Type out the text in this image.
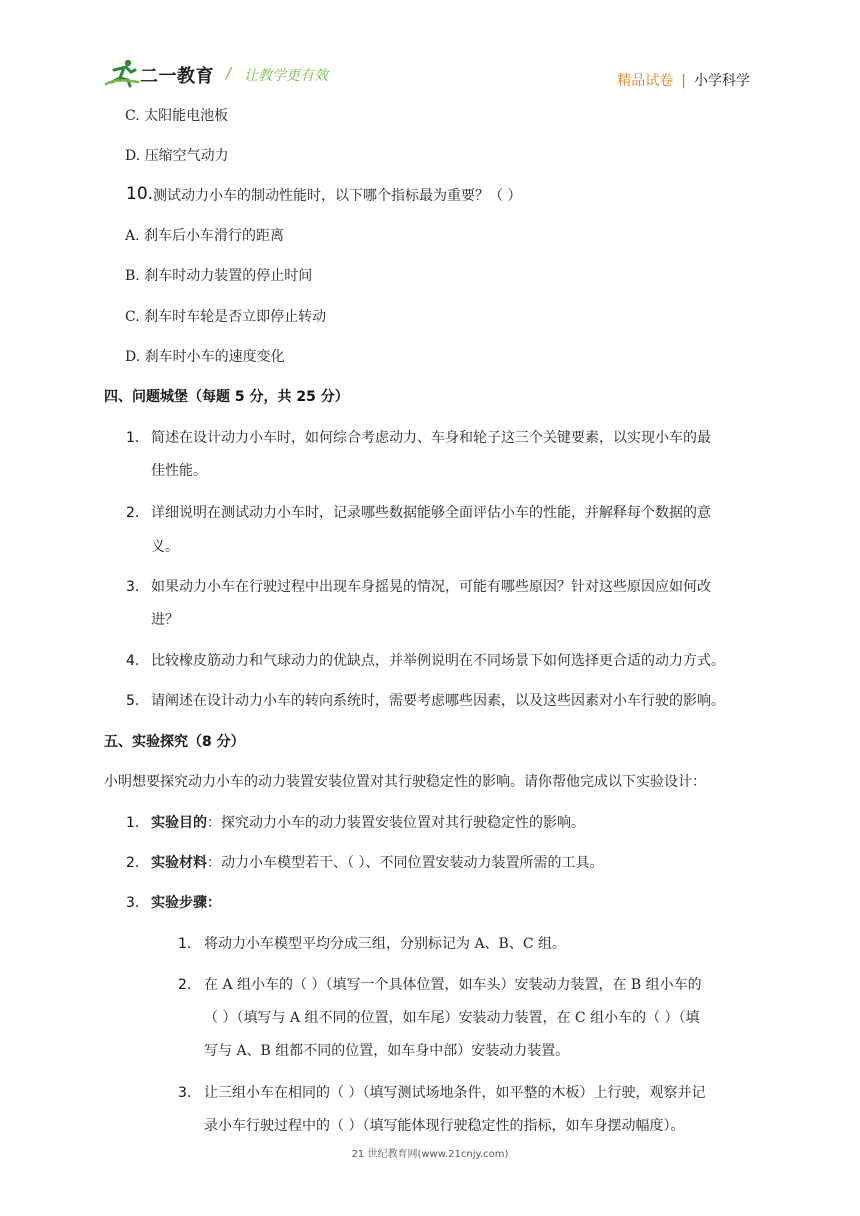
二一教育 / 让教学更有效	精品试卷 | 小学科学
C. 太阳能电池板
D. 压缩空气动力
10. 测试动力小车的制动性能时，以下哪个指标最为重要？（ ）
A. 刹车后小车滑行的距离
B. 刹车时动力装置的停止时间
C. 刹车时车轮是否立即停止转动
D. 刹车时小车的速度变化
四、问题城堡（每题 5 分，共 25 分）
1. 简述在设计动力小车时，如何综合考虑动力、车身和轮子这三个关键要素，以实现小车的最
佳性能。
2. 详细说明在测试动力小车时，记录哪些数据能够全面评估小车的性能，并解释每个数据的意
义。
3. 如果动力小车在行驶过程中出现车身摇晃的情况，可能有哪些原因？针对这些原因应如何改
进？
4. 比较橡皮筋动力和气球动力的优缺点，并举例说明在不同场景下如何选择更合适的动力方式。
5. 请阐述在设计动力小车的转向系统时，需要考虑哪些因素，以及这些因素对小车行驶的影响。
五、实验探究（8 分）
小明想要探究动力小车的动力装置安装位置对其行驶稳定性的影响。请你帮他完成以下实验设计：
1. 实验目的：探究动力小车的动力装置安装位置对其行驶稳定性的影响。
2. 实验材料：动力小车模型若干、（ ）、不同位置安装动力装置所需的工具。
3. 实验步骤：
1. 将动力小车模型平均分成三组，分别标记为 A、B、C 组。
2. 在 A 组小车的（ ）（填写一个具体位置，如车头）安装动力装置，在 B 组小车的
（ ）（填写与 A 组不同的位置，如车尾）安装动力装置，在 C 组小车的（ ）（填
写与 A、B 组都不同的位置，如车身中部）安装动力装置。
3. 让三组小车在相同的（ ）（填写测试场地条件，如平整的木板）上行驶，观察并记
录小车行驶过程中的（ ）（填写能体现行驶稳定性的指标，如车身摆动幅度）。
21 世纪教育网(www.21cnjy.com)
